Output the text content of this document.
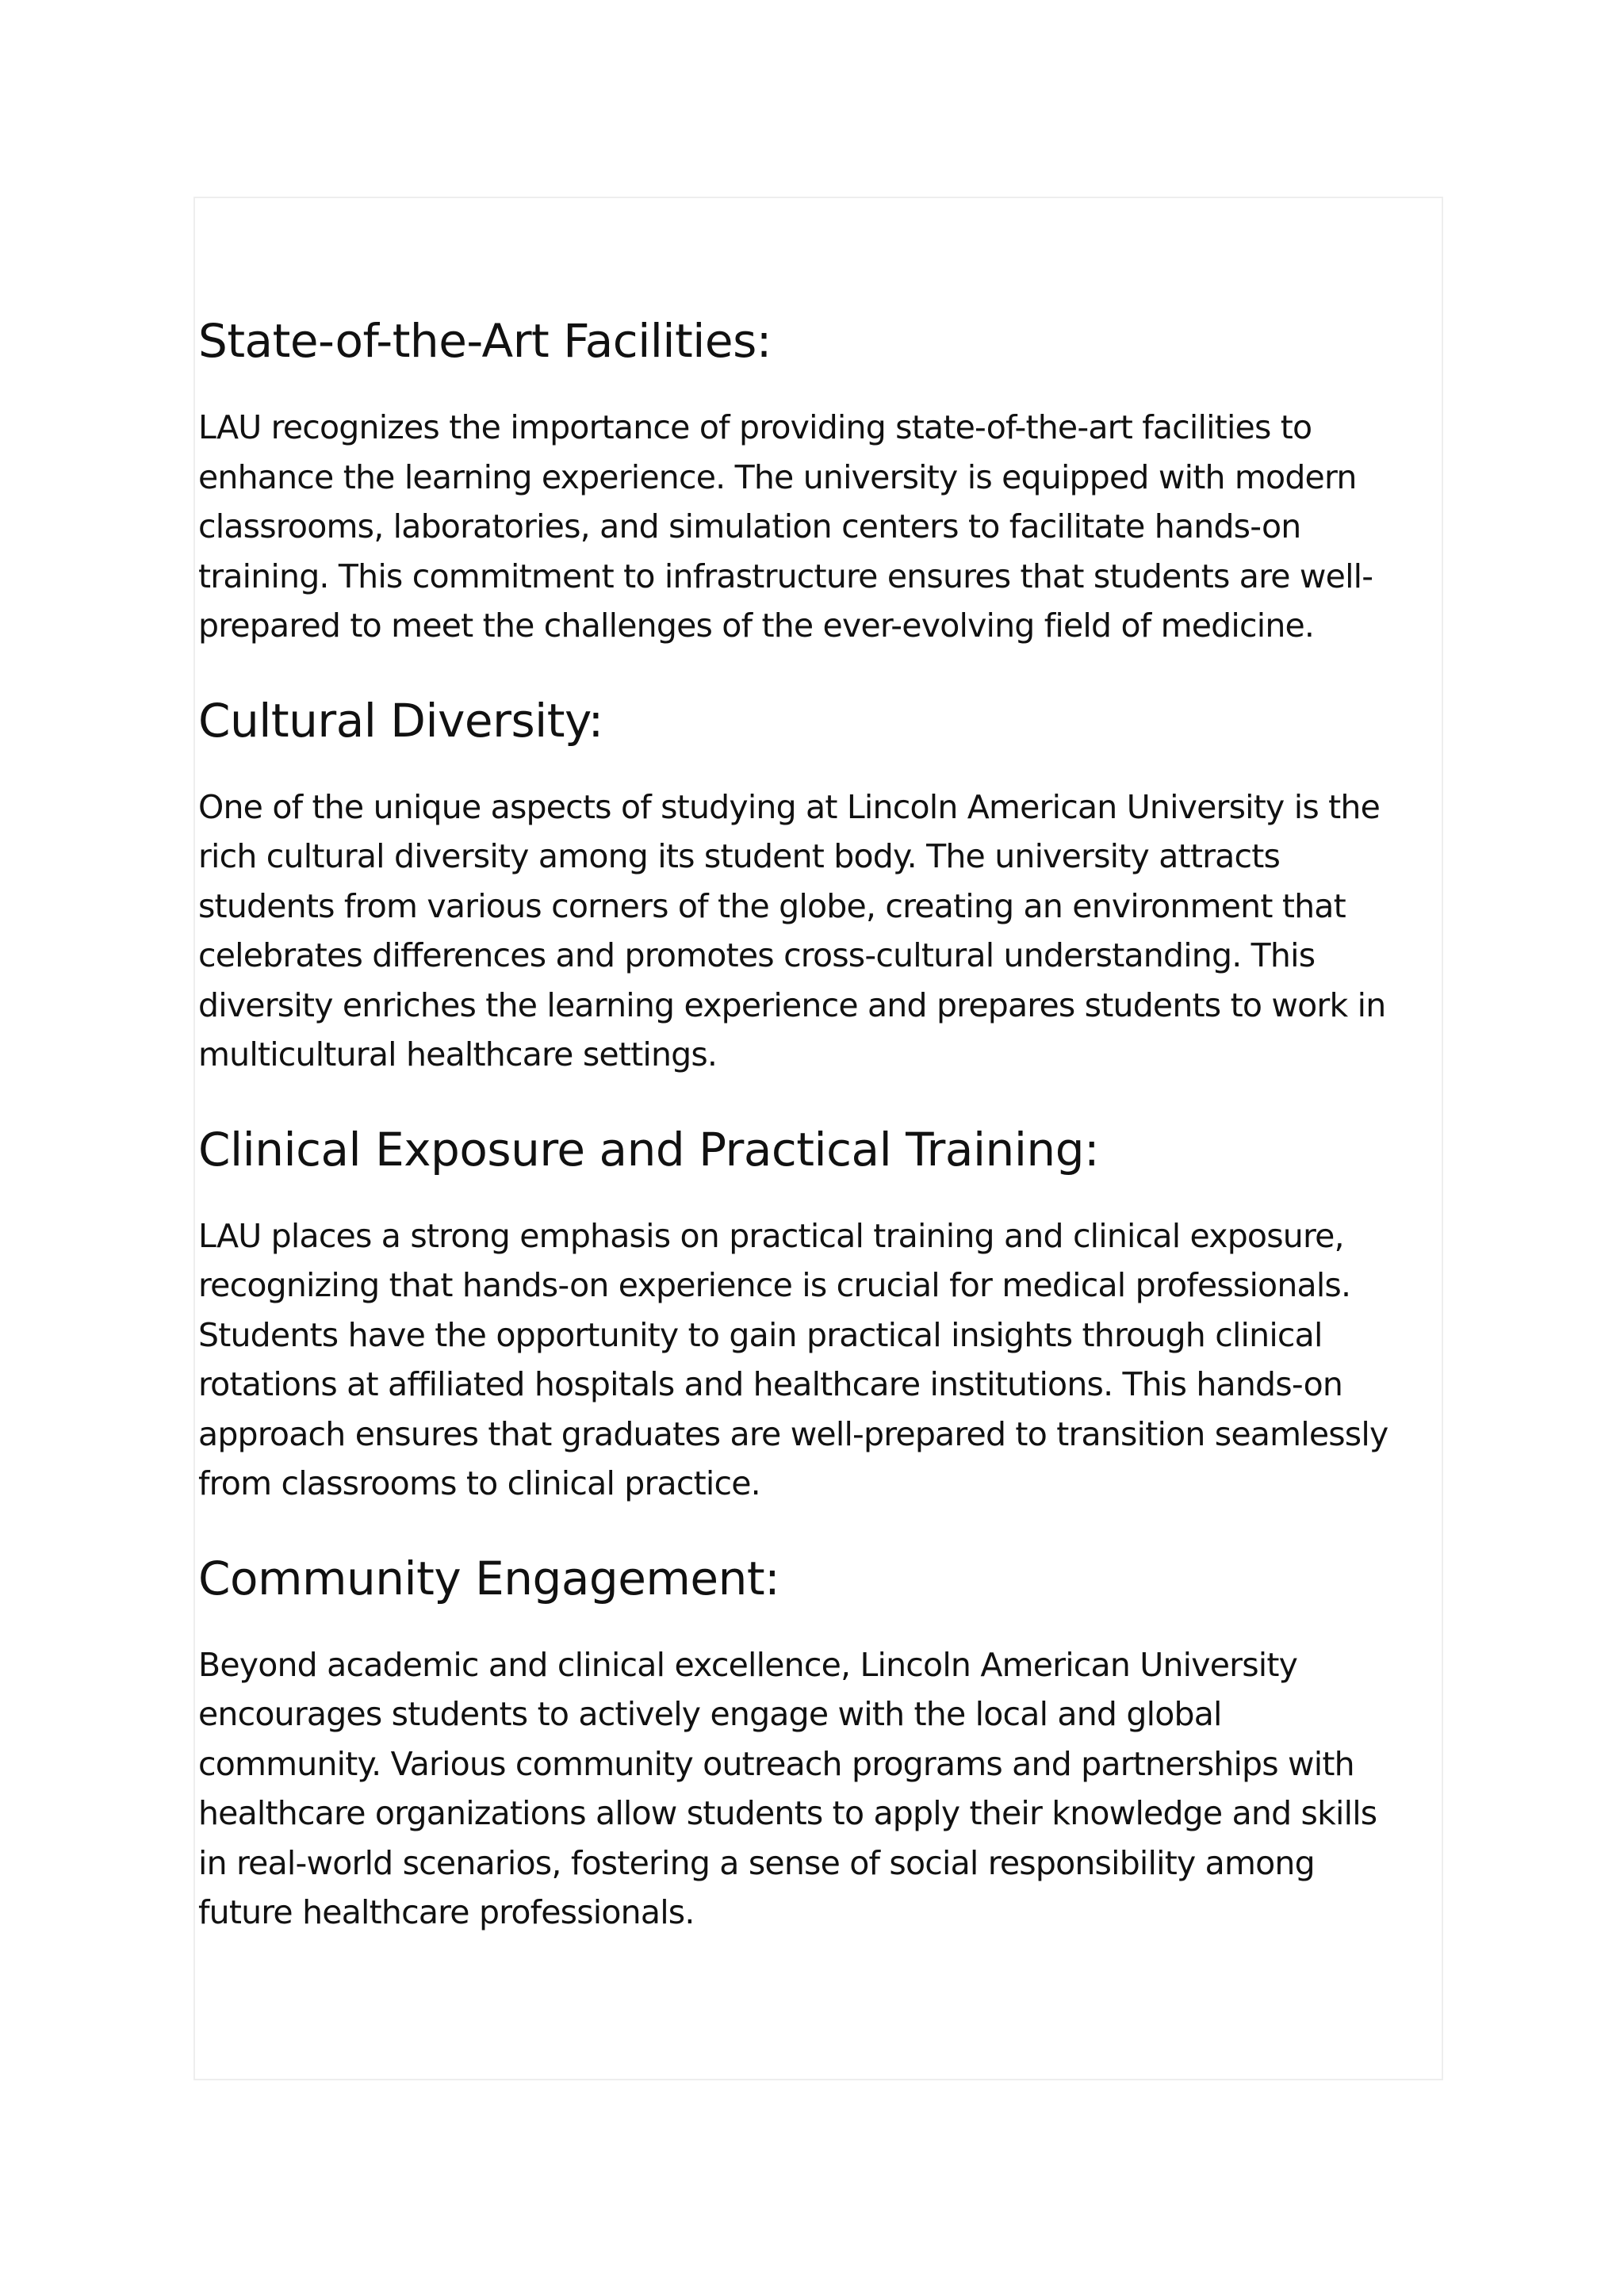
State-of-the-Art Facilities:
LAU recognizes the importance of providing state-of-the-art facilities to
enhance the learning experience. The university is equipped with modern
classrooms, laboratories, and simulation centers to facilitate hands-on
training. This commitment to infrastructure ensures that students are well-
prepared to meet the challenges of the ever-evolving field of medicine.
Cultural Diversity:
One of the unique aspects of studying at Lincoln American University is the
rich cultural diversity among its student body. The university attracts
students from various corners of the globe, creating an environment that
celebrates differences and promotes cross-cultural understanding. This
diversity enriches the learning experience and prepares students to work in
multicultural healthcare settings.
Clinical Exposure and Practical Training:
LAU places a strong emphasis on practical training and clinical exposure,
recognizing that hands-on experience is crucial for medical professionals.
Students have the opportunity to gain practical insights through clinical
rotations at affiliated hospitals and healthcare institutions. This hands-on
approach ensures that graduates are well-prepared to transition seamlessly
from classrooms to clinical practice.
Community Engagement:
Beyond academic and clinical excellence, Lincoln American University
encourages students to actively engage with the local and global
community. Various community outreach programs and partnerships with
healthcare organizations allow students to apply their knowledge and skills
in real-world scenarios, fostering a sense of social responsibility among
future healthcare professionals.
